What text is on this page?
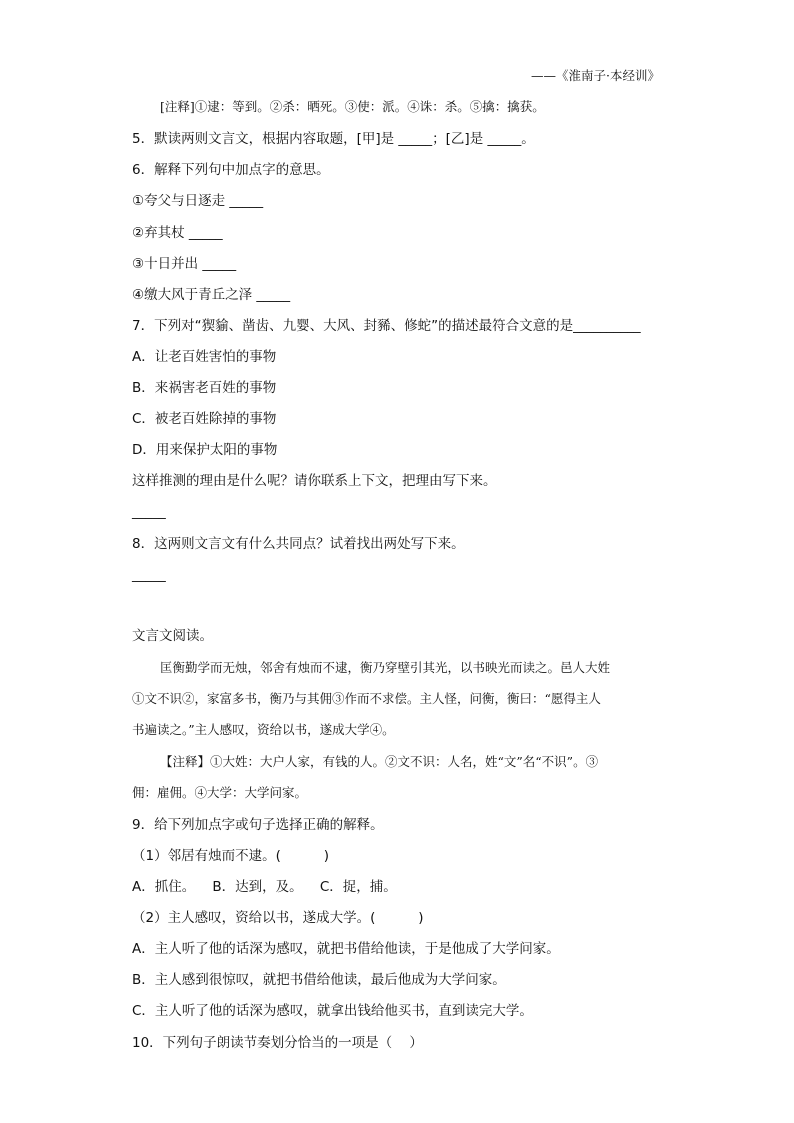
——《淮南子·本经训》
[注释]①逮：等到。②杀：晒死。③使：派。④诛：杀。⑤擒：擒获。
5．默读两则文言文，根据内容取题，[甲]是 _____；[乙]是 _____。
6．解释下列句中加点字的意思。
①夸父与日逐走 _____
②弃其杖 _____
③十日并出 _____
④缴大风于青丘之泽 _____
7．下列对“猰貐、凿齿、九婴、大风、封豨、修蛇”的描述最符合文意的是__________
A．让老百姓害怕的事物
B．来祸害老百姓的事物
C．被老百姓除掉的事物
D．用来保护太阳的事物
这样推测的理由是什么呢？请你联系上下文，把理由写下来。
_____
8．这两则文言文有什么共同点？试着找出两处写下来。
_____
文言文阅读。
匡衡勤学而无烛，邻舍有烛而不逮，衡乃穿壁引其光，以书映光而读之。邑人大姓
①文不识②，家富多书，衡乃与其佣③作而不求偿。主人怪，问衡，衡曰：“愿得主人
书遍读之。”主人感叹，资给以书，遂成大学④。
【注释】①大姓：大户人家，有钱的人。②文不识：人名，姓“文”名“不识”。③
佣：雇佣。④大学：大学问家。
9．给下列加点字或句子选择正确的解释。
（1）邻居有烛而不逮。(          )
A．抓住。    B．达到，及。    C．捉，捕。
（2）主人感叹，资给以书，遂成大学。(          )
A．主人听了他的话深为感叹，就把书借给他读，于是他成了大学问家。
B．主人感到很惊叹，就把书借给他读，最后他成为大学问家。
C．主人听了他的话深为感叹，就拿出钱给他买书，直到读完大学。
10．下列句子朗读节奏划分恰当的一项是（    ）
